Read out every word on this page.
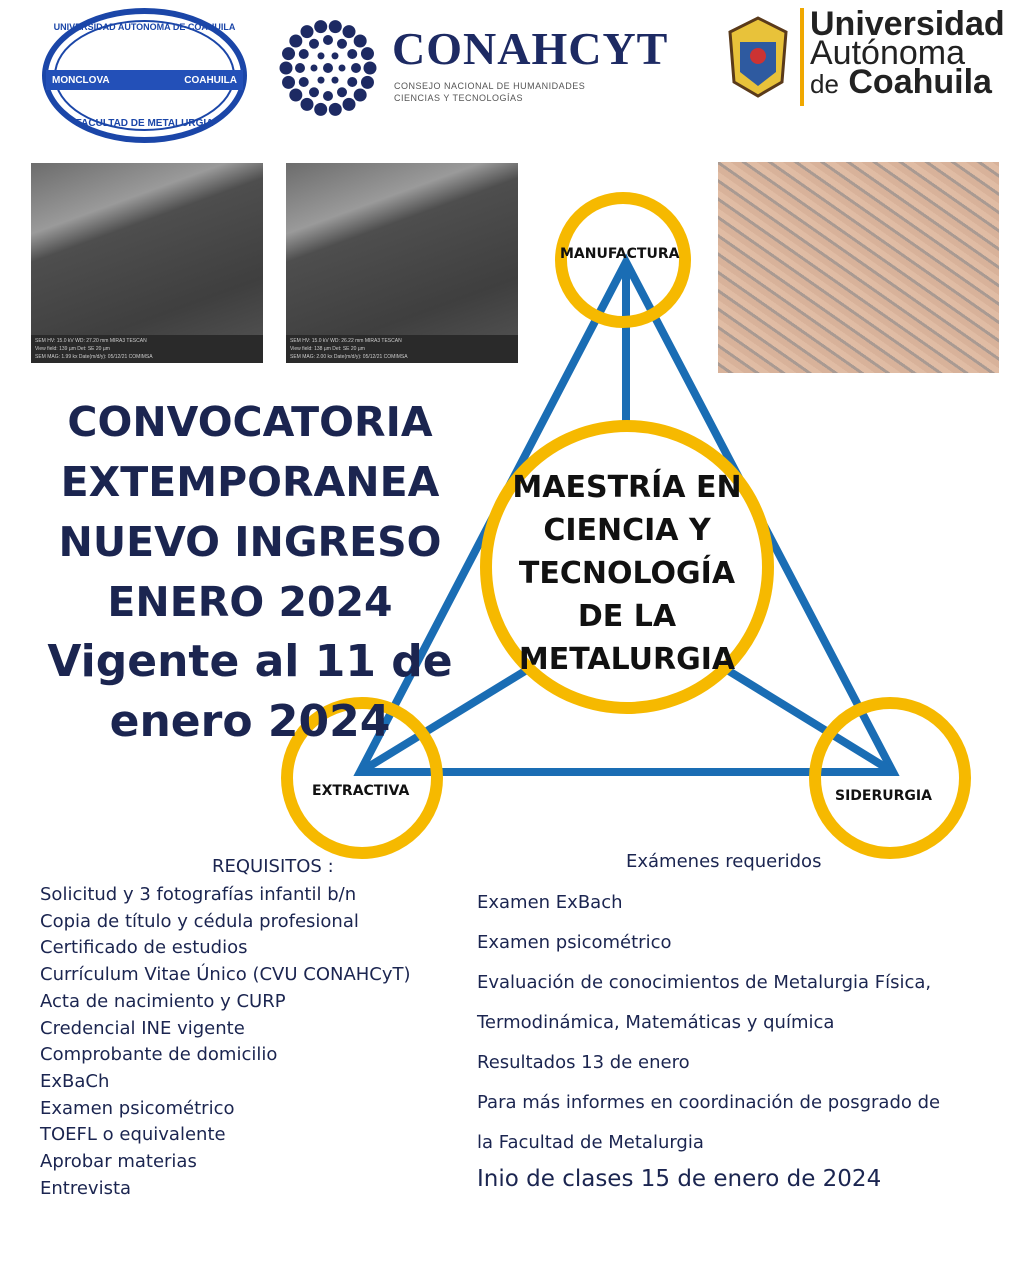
UNIVERSIDAD AUTONOMA DE COAHUILA
MONCLOVA	COAHUILA
FACULTAD DE METALURGIA
CONAHCYT
CONSEJO NACIONAL DE HUMANIDADES
CIENCIAS Y TECNOLOGÍAS
Universidad
Autónoma
de Coahuila
SEM HV: 15.0 kV WD: 27.20 mm MIRA3 TESCAN
View field: 139 µm Det: SE 20 µm
SEM MAG: 1.99 kx Date(m/d/y): 05/12/21 COMIMSA
SEM HV: 15.0 kV WD: 26.22 mm MIRA3 TESCAN
View field: 138 µm Det: SE 20 µm
SEM MAG: 2.00 kx Date(m/d/y): 05/12/21 COMIMSA
CONVOCATORIA
EXTEMPORANEA
NUEVO INGRESO
ENERO 2024
Vigente al 11 de
enero 2024
MAESTRÍA EN
CIENCIA Y
TECNOLOGÍA
DE LA
METALURGIA
MANUFACTURA
EXTRACTIVA	SIDERURGIA
REQUISITOS :
Solicitud y 3 fotografías infantil b/n
Copia de título y cédula profesional
Certificado de estudios
Currículum Vitae Único (CVU CONAHCyT)
Acta de nacimiento y CURP
Credencial INE vigente
Comprobante de domicilio
ExBaCh
Examen psicométrico
TOEFL o equivalente
Aprobar materias
Entrevista
Exámenes requeridos
Examen ExBach
Examen psicométrico
Evaluación de conocimientos de Metalurgia Física,
Termodinámica, Matemáticas y química
Resultados 13 de enero
Para más informes en coordinación de posgrado de
la Facultad de Metalurgia
Inio de clases 15 de enero de 2024
